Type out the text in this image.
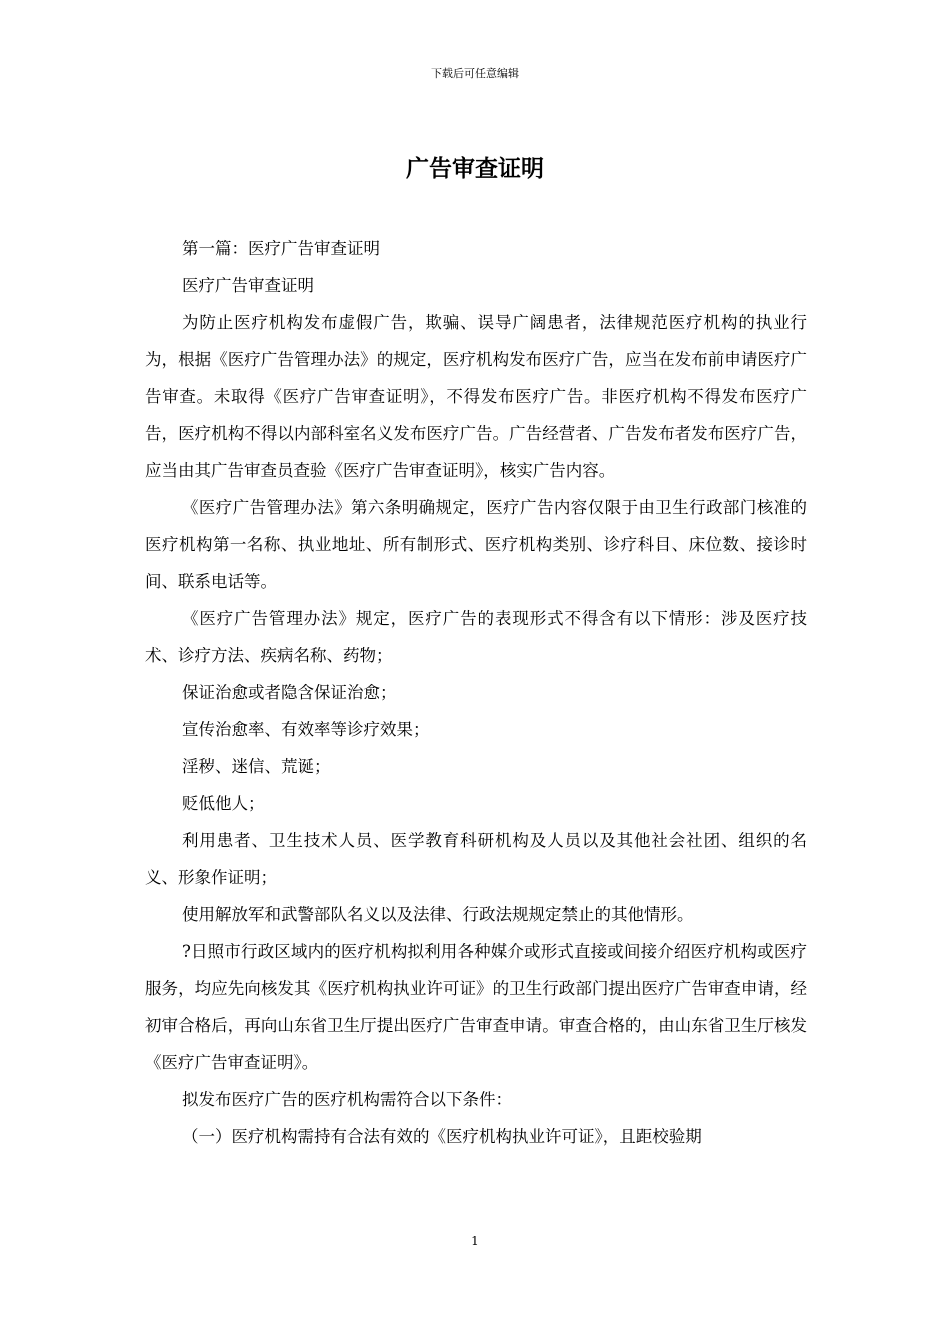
下载后可任意编辑
广告审查证明

第一篇：医疗广告审查证明

医疗广告审查证明

为防止医疗机构发布虚假广告，欺骗、误导广阔患者，法律规范医疗机构的执业行为，根据《医疗广告管理办法》的规定，医疗机构发布医疗广告，应当在发布前申请医疗广告审查。未取得《医疗广告审查证明》，不得发布医疗广告。非医疗机构不得发布医疗广告，医疗机构不得以内部科室名义发布医疗广告。广告经营者、广告发布者发布医疗广告，应当由其广告审查员查验《医疗广告审查证明》，核实广告内容。

《医疗广告管理办法》第六条明确规定，医疗广告内容仅限于由卫生行政部门核准的医疗机构第一名称、执业地址、所有制形式、医疗机构类别、诊疗科目、床位数、接诊时间、联系电话等。

《医疗广告管理办法》规定，医疗广告的表现形式不得含有以下情形：涉及医疗技术、诊疗方法、疾病名称、药物；

保证治愈或者隐含保证治愈；

宣传治愈率、有效率等诊疗效果；

淫秽、迷信、荒诞；

贬低他人；

利用患者、卫生技术人员、医学教育科研机构及人员以及其他社会社团、组织的名义、形象作证明；

使用解放军和武警部队名义以及法律、行政法规规定禁止的其他情形。

?日照市行政区域内的医疗机构拟利用各种媒介或形式直接或间接介绍医疗机构或医疗服务，均应先向核发其《医疗机构执业许可证》的卫生行政部门提出医疗广告审查申请，经初审合格后，再向山东省卫生厅提出医疗广告审查申请。审查合格的，由山东省卫生厅核发《医疗广告审查证明》。

拟发布医疗广告的医疗机构需符合以下条件：

（一）医疗机构需持有合法有效的《医疗机构执业许可证》，且距校验期

1
